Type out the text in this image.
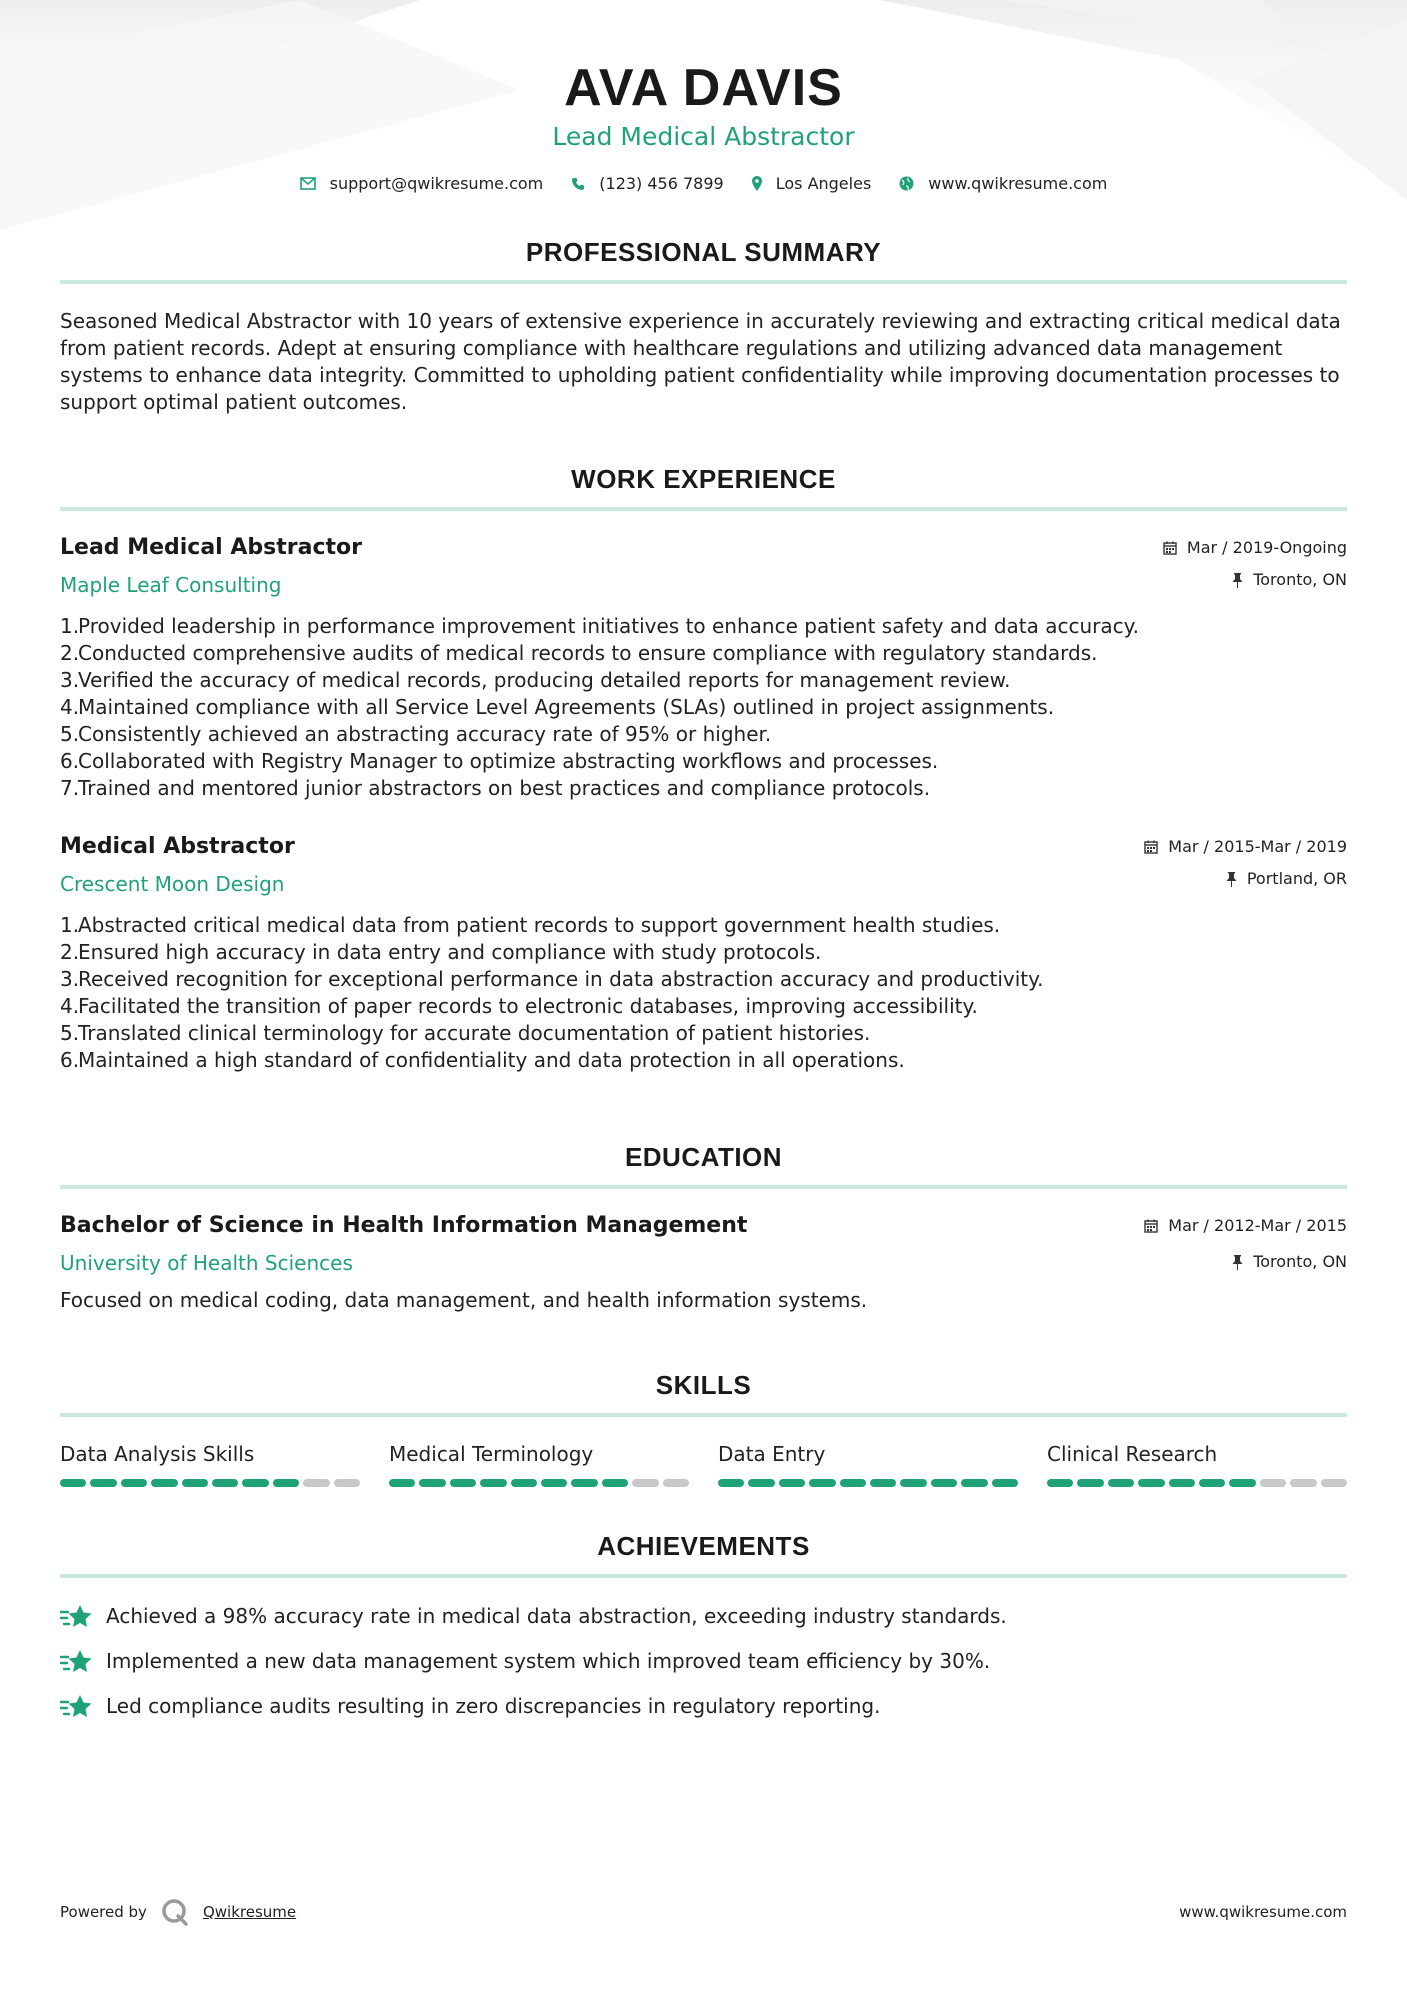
AVA DAVIS
Lead Medical Abstractor
support@qwikresume.com	(123) 456 7899	Los Angeles	www.qwikresume.com
PROFESSIONAL SUMMARY

Seasoned Medical Abstractor with 10 years of extensive experience in accurately reviewing and extracting critical medical data from patient records. Adept at ensuring compliance with healthcare regulations and utilizing advanced data management systems to enhance data integrity. Committed to upholding patient confidentiality while improving documentation processes to support optimal patient outcomes.

WORK EXPERIENCE
Lead Medical Abstractor
Maple Leaf Consulting
Mar / 2019-Ongoing
Toronto, ON
1.
Provided leadership in performance improvement initiatives to enhance patient safety and data accuracy.
2.
Conducted comprehensive audits of medical records to ensure compliance with regulatory standards.
3.
Verified the accuracy of medical records, producing detailed reports for management review.
4.
Maintained compliance with all Service Level Agreements (SLAs) outlined in project assignments.
5.
Consistently achieved an abstracting accuracy rate of 95% or higher.
6.
Collaborated with Registry Manager to optimize abstracting workflows and processes.
7.
Trained and mentored junior abstractors on best practices and compliance protocols.
Medical Abstractor
Crescent Moon Design
Mar / 2015-Mar / 2019
Portland, OR
1.
Abstracted critical medical data from patient records to support government health studies.
2.
Ensured high accuracy in data entry and compliance with study protocols.
3.
Received recognition for exceptional performance in data abstraction accuracy and productivity.
4.
Facilitated the transition of paper records to electronic databases, improving accessibility.
5.
Translated clinical terminology for accurate documentation of patient histories.
6.
Maintained a high standard of confidentiality and data protection in all operations.
EDUCATION
Bachelor of Science in Health Information Management
University of Health Sciences
Mar / 2012-Mar / 2015
Toronto, ON

Focused on medical coding, data management, and health information systems.

SKILLS
Data Analysis Skills	Medical Terminology	Data Entry	Clinical Research
ACHIEVEMENTS
Achieved a 98% accuracy rate in medical data abstraction, exceeding industry standards.
Implemented a new data management system which improved team efficiency by 30%.
Led compliance audits resulting in zero discrepancies in regulatory reporting.
Powered by	Qwikresume	www.qwikresume.com
